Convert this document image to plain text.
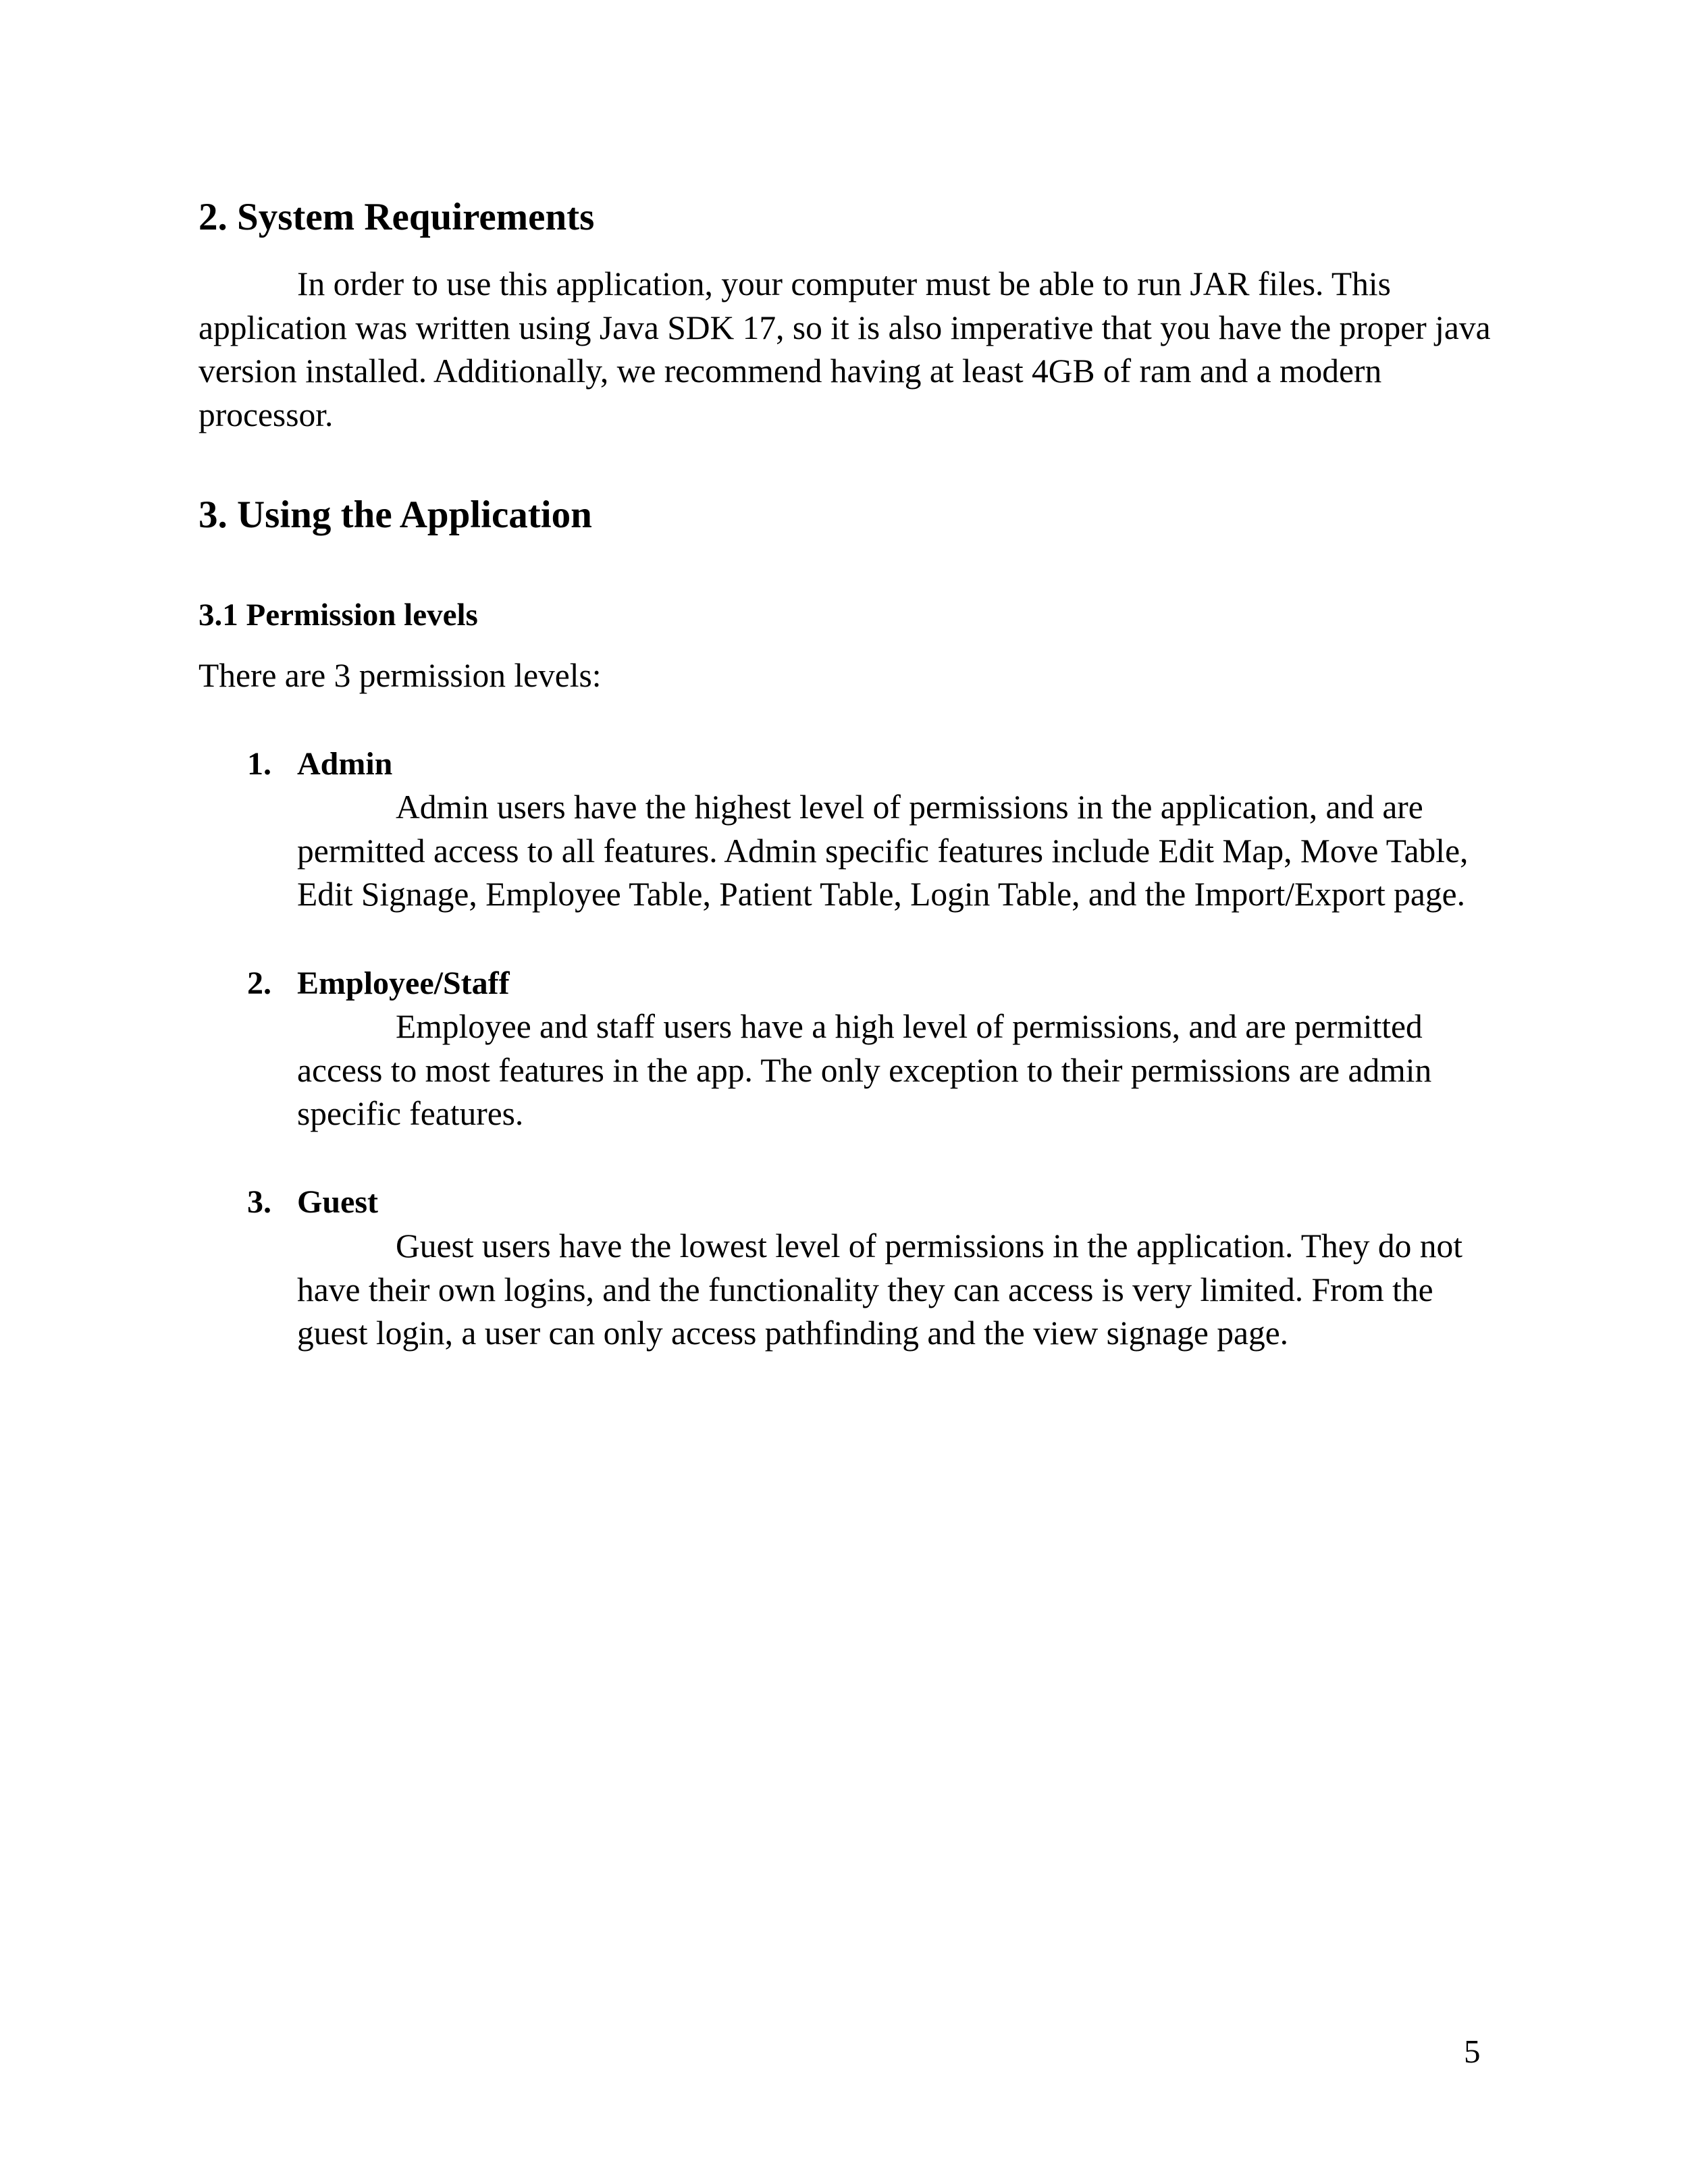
2. System Requirements
In order to use this application, your computer must be able to run JAR files. This
application was written using Java SDK 17, so it is also imperative that you have the proper java
version installed. Additionally, we recommend having at least 4GB of ram and a modern
processor.
3. Using the Application
3.1 Permission levels

There are 3 permission levels:

1. Admin
Admin users have the highest level of permissions in the application, and are
permitted access to all features. Admin specific features include Edit Map, Move Table,
Edit Signage, Employee Table, Patient Table, Login Table, and the Import/Export page.
2. Employee/Staff
Employee and staff users have a high level of permissions, and are permitted
access to most features in the app. The only exception to their permissions are admin
specific features.
3. Guest
Guest users have the lowest level of permissions in the application. They do not
have their own logins, and the functionality they can access is very limited. From the
guest login, a user can only access pathfinding and the view signage page.
5
